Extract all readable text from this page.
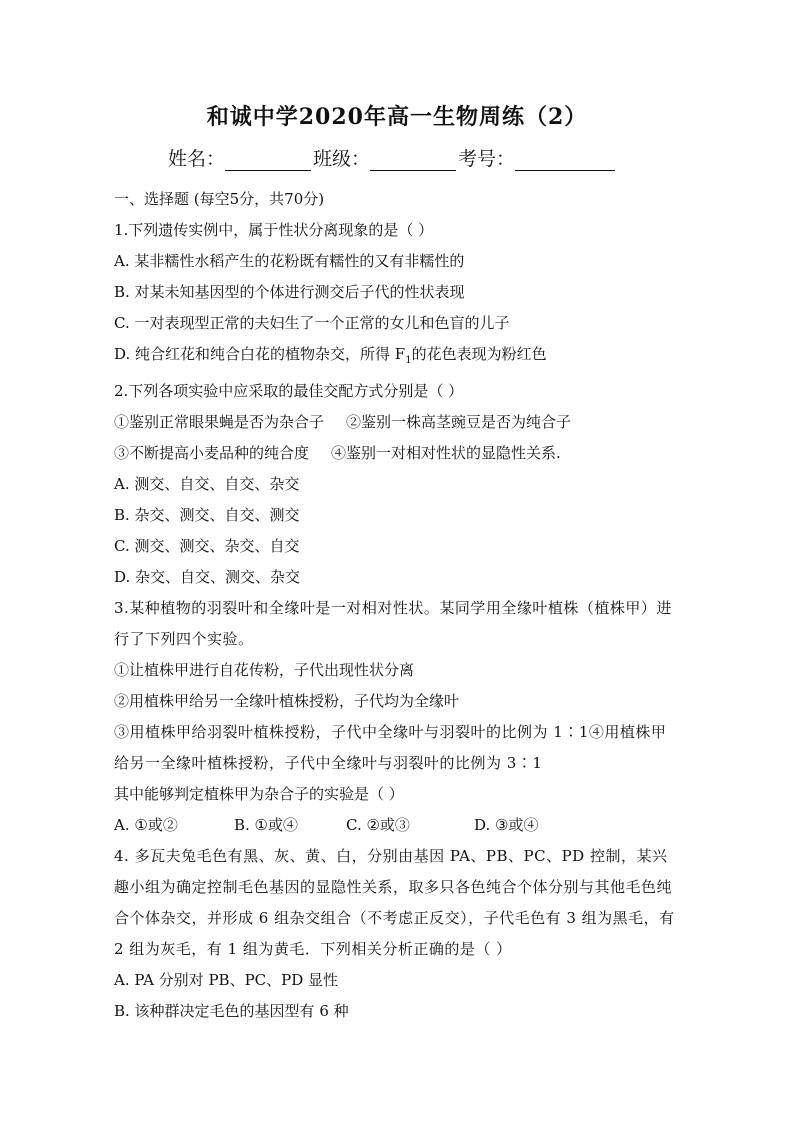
和诚中学2020年高一生物周练（2）
姓名：	班级：	考号：

一、选择题 (每空5分，共70分)

1.下列遗传实例中，属于性状分离现象的是（ ）

A. 某非糯性水稻产生的花粉既有糯性的又有非糯性的

B. 对某未知基因型的个体进行测交后子代的性状表现

C. 一对表现型正常的夫妇生了一个正常的女儿和色盲的儿子

D. 纯合红花和纯合白花的植物杂交，所得 $F_1$的花色表现为粉红色

2.下列各项实验中应采取的最佳交配方式分别是（ ）

①鉴别正常眼果蝇是否为杂合子 ②鉴别一株高茎豌豆是否为纯合子

③不断提高小麦品种的纯合度 ④鉴别一对相对性状的显隐性关系.

A. 测交、自交、自交、杂交

B. 杂交、测交、自交、测交

C. 测交、测交、杂交、自交

D. 杂交、自交、测交、杂交

3.某种植物的羽裂叶和全缘叶是一对相对性状。某同学用全缘叶植株（植株甲）进行了下列四个实验。

①让植株甲进行自花传粉，子代出现性状分离

②用植株甲给另一全缘叶植株授粉，子代均为全缘叶

③用植株甲给羽裂叶植株授粉，子代中全缘叶与羽裂叶的比例为 1∶1④用植株甲给另一全缘叶植株授粉，子代中全缘叶与羽裂叶的比例为 3∶1

其中能够判定植株甲为杂合子的实验是（ ）

A. ①或②	B. ①或④	C. ②或③	D. ③或④

4. 多瓦夫兔毛色有黑、灰、黄、白，分别由基因 PA、PB、PC、PD 控制，某兴趣小组为确定控制毛色基因的显隐性关系，取多只各色纯合个体分别与其他毛色纯合个体杂交，并形成 6 组杂交组合（不考虑正反交），子代毛色有 3 组为黑毛，有 2 组为灰毛，有 1 组为黄毛．下列相关分析正确的是（ ）

A. PA 分别对 PB、PC、PD 显性

B. 该种群决定毛色的基因型有 6 种
